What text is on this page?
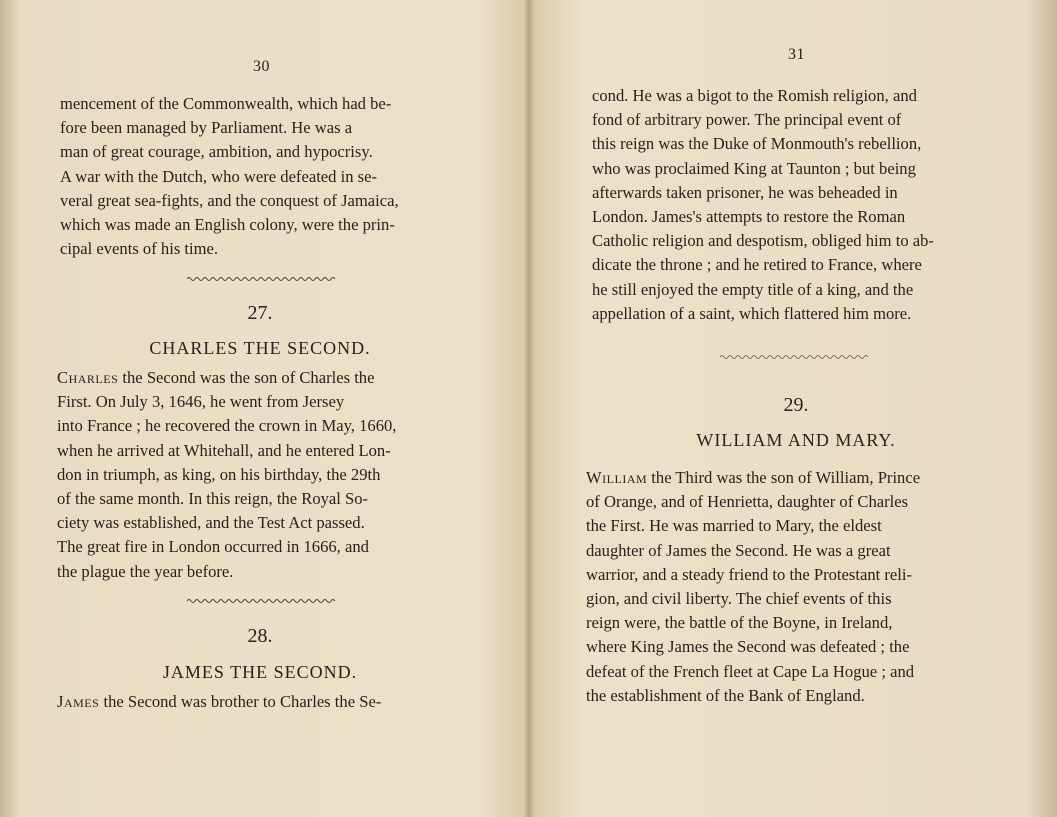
30

mencement of the Commonwealth, which had be-

fore been managed by Parliament. He was a

man of great courage, ambition, and hypocrisy.

A war with the Dutch, who were defeated in se-

veral great sea-fights, and the conquest of Jamaica,

which was made an English colony, were the prin-

cipal events of his time.

27.
CHARLES THE SECOND.

Charles the Second was the son of Charles the

First. On July 3, 1646, he went from Jersey

into France ; he recovered the crown in May, 1660,

when he arrived at Whitehall, and he entered Lon-

don in triumph, as king, on his birthday, the 29th

of the same month. In this reign, the Royal So-

ciety was established, and the Test Act passed.

The great fire in London occurred in 1666, and

the plague the year before.

28.
JAMES THE SECOND.

James the Second was brother to Charles the Se-

31

cond. He was a bigot to the Romish religion, and

fond of arbitrary power. The principal event of

this reign was the Duke of Monmouth's rebellion,

who was proclaimed King at Taunton ; but being

afterwards taken prisoner, he was beheaded in

London. James's attempts to restore the Roman

Catholic religion and despotism, obliged him to ab-

dicate the throne ; and he retired to France, where

he still enjoyed the empty title of a king, and the

appellation of a saint, which flattered him more.

29.
WILLIAM AND MARY.

William the Third was the son of William, Prince

of Orange, and of Henrietta, daughter of Charles

the First. He was married to Mary, the eldest

daughter of James the Second. He was a great

warrior, and a steady friend to the Protestant reli-

gion, and civil liberty. The chief events of this

reign were, the battle of the Boyne, in Ireland,

where King James the Second was defeated ; the

defeat of the French fleet at Cape La Hogue ; and

the establishment of the Bank of England.
